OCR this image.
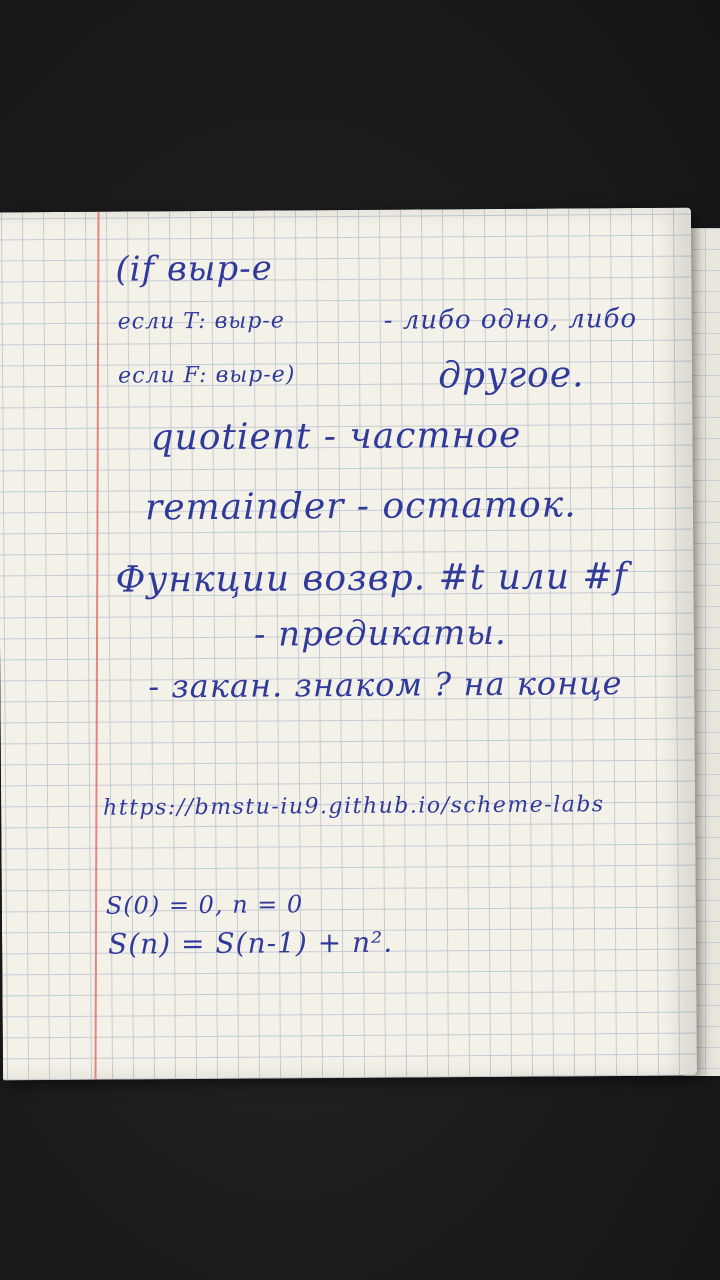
(if выр-е

если T: выр-е	- либо одно, либо

если F: выр-е)	другое.

quotient - частное

remainder - остаток.

Функции возвр. #t или #f

- предикаты.

- закан. знаком ? на конце

https://bmstu-iu9.github.io/scheme-labs

S(0) = 0, n = 0

S(n) = S(n-1) + n².
